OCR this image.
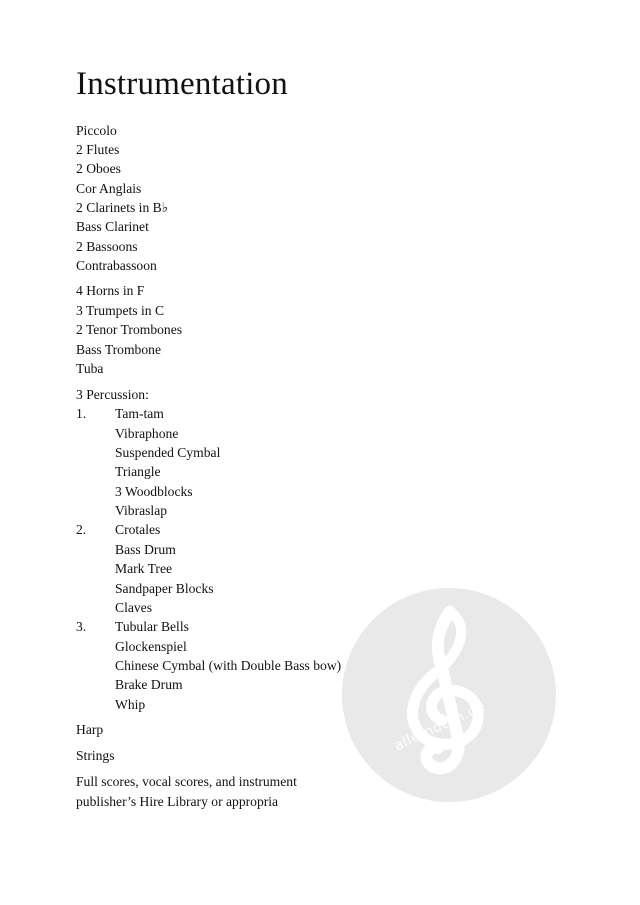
Instrumentation
Piccolo
2 Flutes
2 Oboes
Cor Anglais
2 Clarinets in B♭
Bass Clarinet
2 Bassoons
Contrabassoon
4 Horns in F
3 Trumpets in C
2 Tenor Trombones
Bass Trombone
Tuba
alle-noten.de
3 Percussion:
1. Tam-tam
Vibraphone
Suspended Cymbal
Triangle
3 Woodblocks
Vibraslap
2. Crotales
Bass Drum
Mark Tree
Sandpaper Blocks
Claves
3. Tubular Bells
Glockenspiel
Chinese Cymbal (with Double Bass bow)
Brake Drum
Whip
Harp
Strings
Full scores, vocal scores, and instrument
publisher’s Hire Library or appropria
